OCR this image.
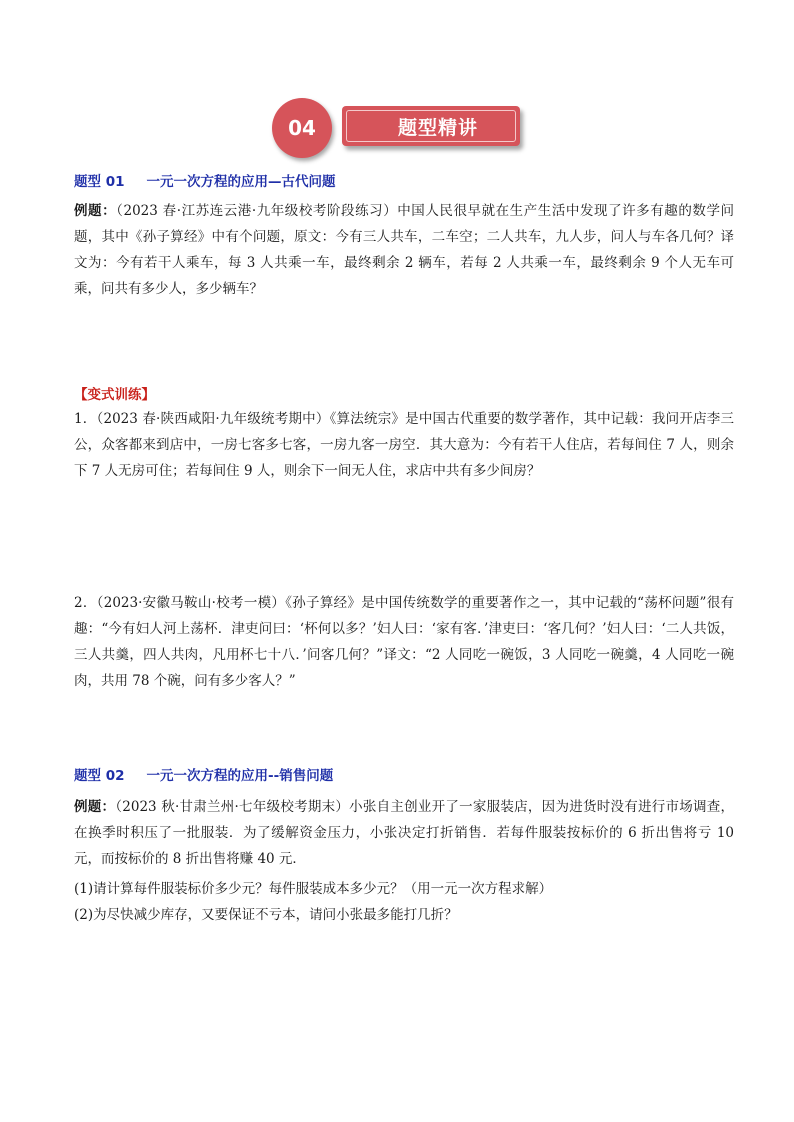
题型精讲
04
题型 01 一元一次方程的应用—古代问题
例题：（2023 春·江苏连云港·九年级校考阶段练习）中国人民很早就在生产生活中发现了许多有趣的数学问题，其中《孙子算经》中有个问题，原文：今有三人共车，二车空；二人共车，九人步，问人与车各几何？译文为：今有若干人乘车，每 3 人共乘一车，最终剩余 2 辆车，若每 2 人共乘一车，最终剩余 9 个人无车可乘，问共有多少人，多少辆车？
【变式训练】
1．（2023 春·陕西咸阳·九年级统考期中）《算法统宗》是中国古代重要的数学著作，其中记载：我问开店李三公，众客都来到店中，一房七客多七客，一房九客一房空．其大意为：今有若干人住店，若每间住 7 人，则余下 7 人无房可住；若每间住 9 人，则余下一间无人住，求店中共有多少间房？
2．（2023·安徽马鞍山·校考一模）《孙子算经》是中国传统数学的重要著作之一，其中记载的“荡杯问题”很有趣：“今有妇人河上荡杯．津吏问曰：‘杯何以多？’妇人曰：‘家有客．’津吏曰：‘客几何？’妇人曰：‘二人共饭，三人共羹，四人共肉，凡用杯七十八．’问客几何？”译文：“2 人同吃一碗饭，3 人同吃一碗羹，4 人同吃一碗肉，共用 78 个碗，问有多少客人？”
题型 02 一元一次方程的应用--销售问题
例题：（2023 秋·甘肃兰州·七年级校考期末）小张自主创业开了一家服装店，因为进货时没有进行市场调查，在换季时积压了一批服装．为了缓解资金压力，小张决定打折销售．若每件服装按标价的 6 折出售将亏 10 元，而按标价的 8 折出售将赚 40 元．
(1)请计算每件服装标价多少元？每件服装成本多少元？（用一元一次方程求解）
(2)为尽快减少库存，又要保证不亏本，请问小张最多能打几折？
